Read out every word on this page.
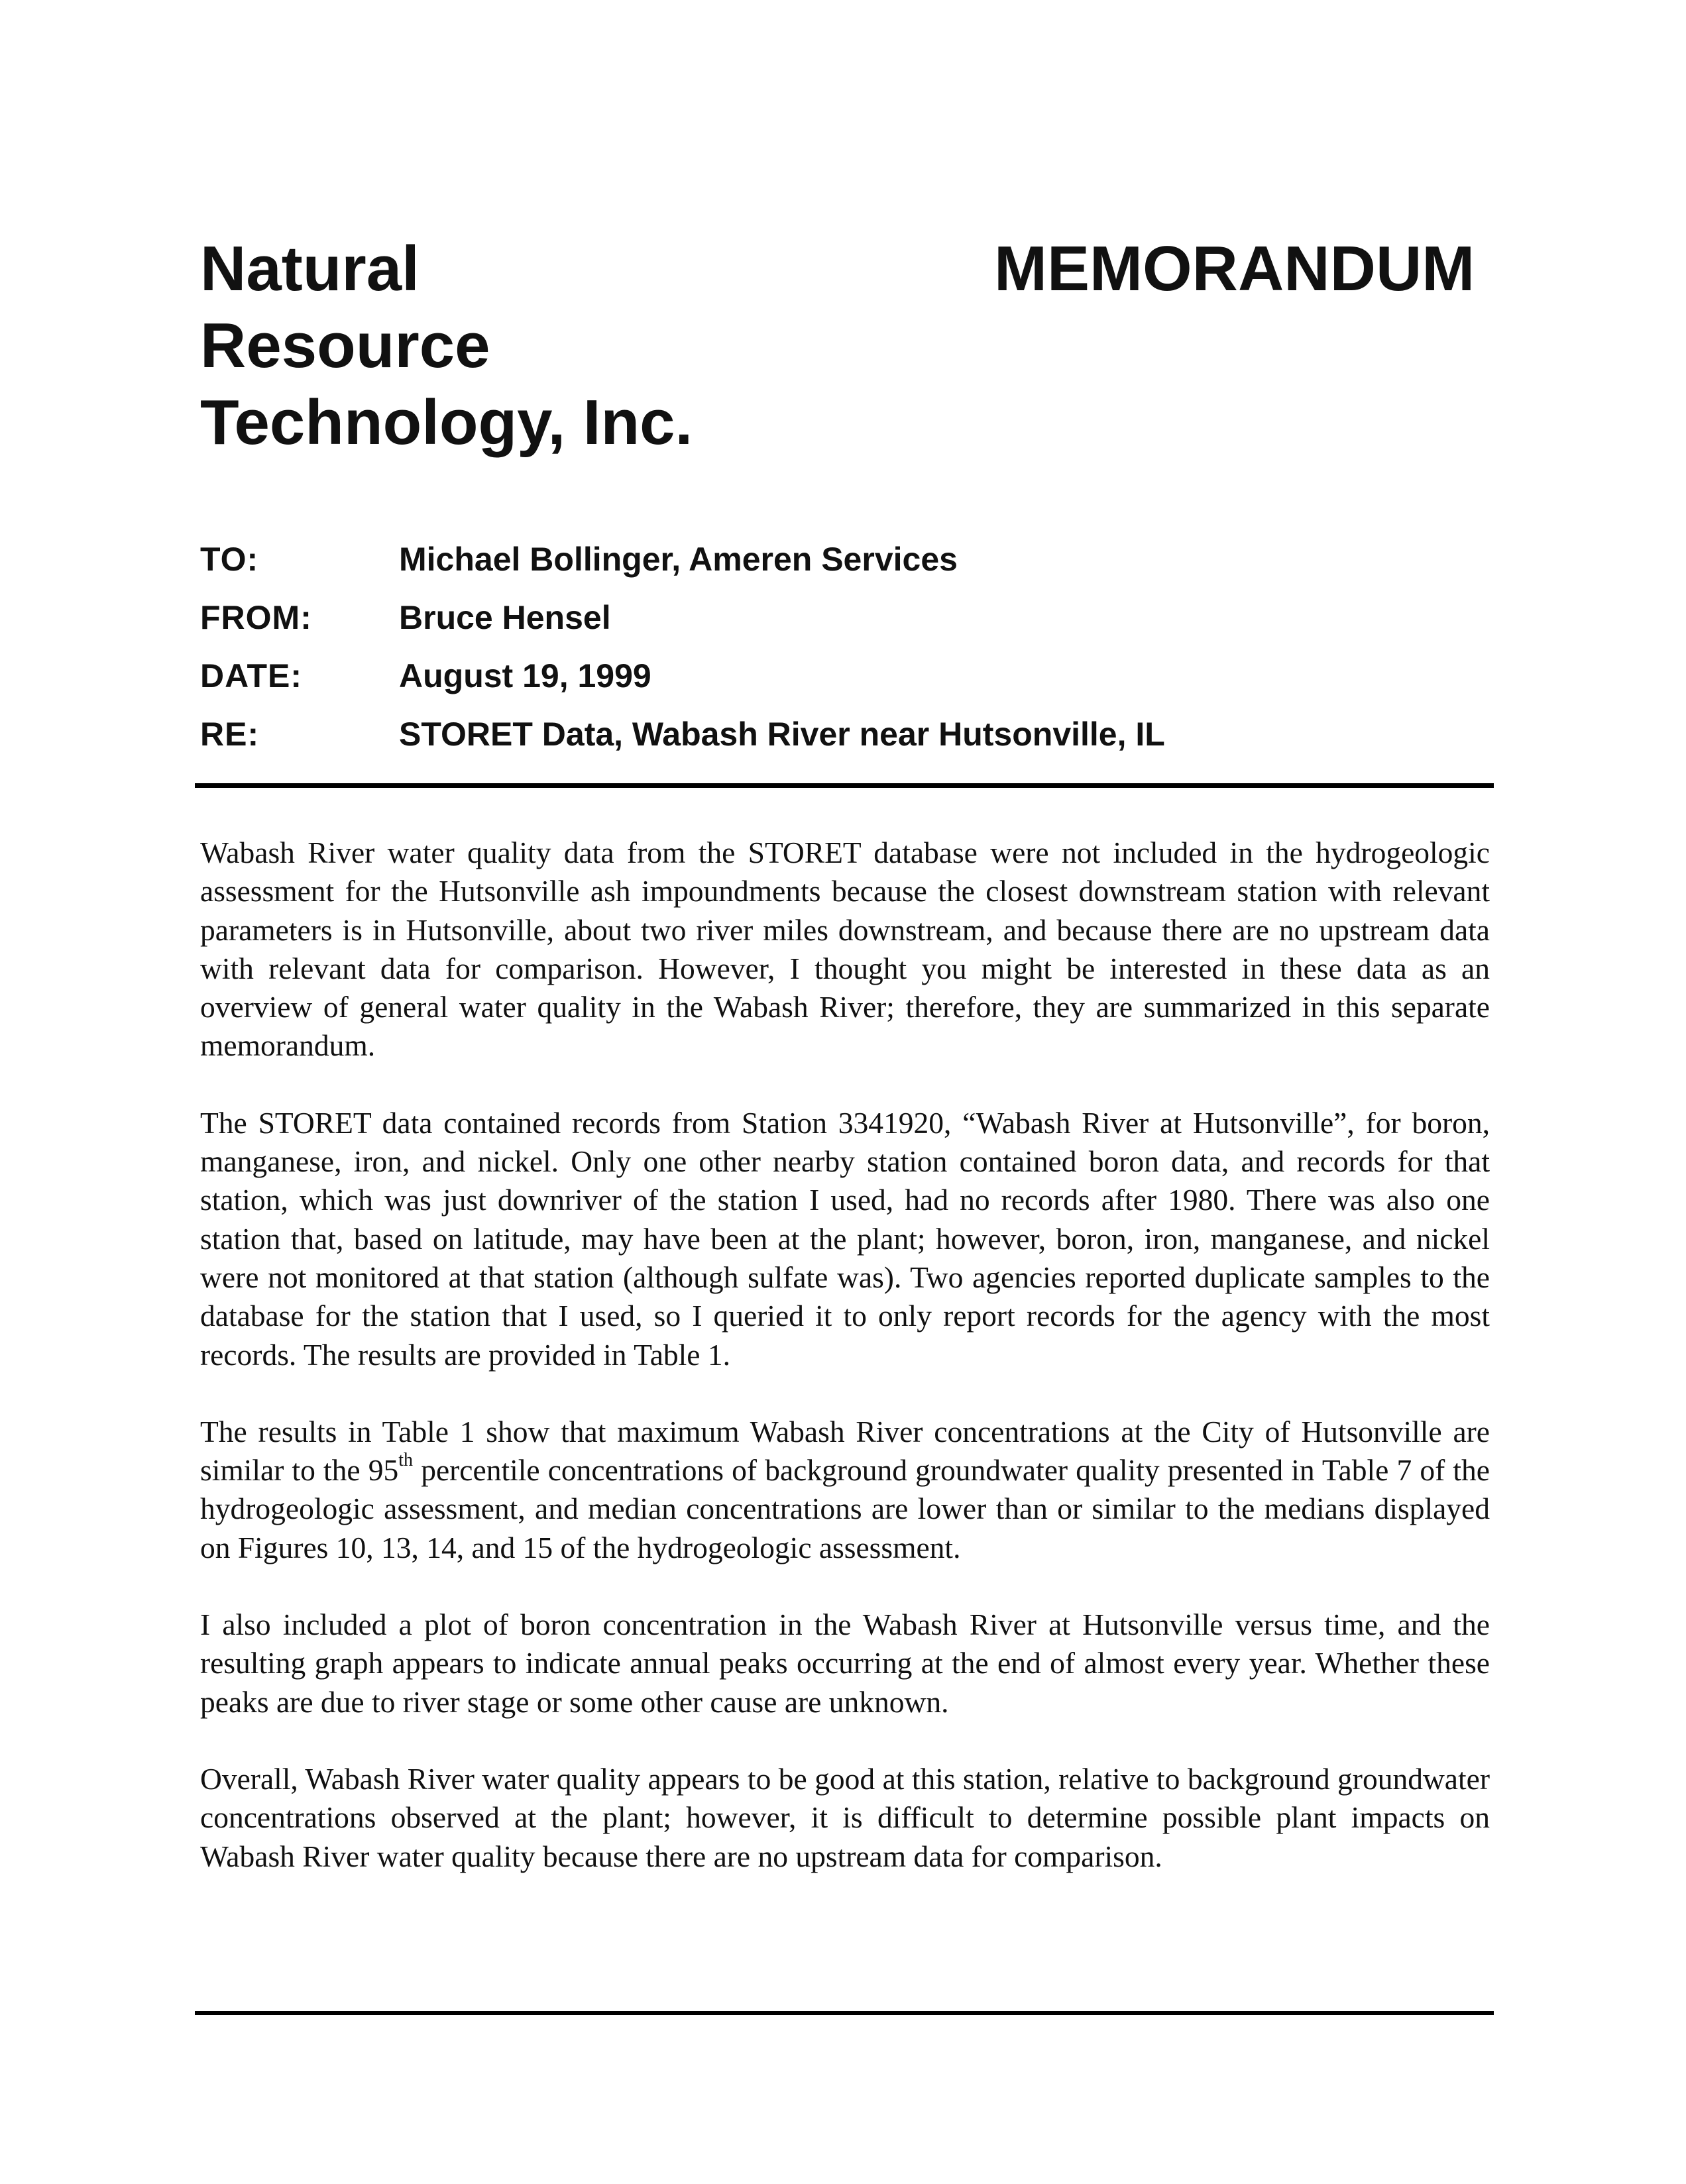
Natural
Resource
Technology, Inc.
MEMORANDUM
TO:	Michael Bollinger, Ameren Services
FROM:	Bruce Hensel
DATE:	August 19, 1999
RE:	STORET Data, Wabash River near Hutsonville, IL

Wabash River water quality data from the STORET database were not included in the hydrogeologic assessment for the Hutsonville ash impoundments because the closest downstream station with relevant parameters is in Hutsonville, about two river miles downstream, and because there are no upstream data with relevant data for comparison. However, I thought you might be interested in these data as an overview of general water quality in the Wabash River; therefore, they are summarized in this separate memorandum.

The STORET data contained records from Station 3341920, “Wabash River at Hutsonville”, for boron, manganese, iron, and nickel. Only one other nearby station contained boron data, and records for that station, which was just downriver of the station I used, had no records after 1980. There was also one station that, based on latitude, may have been at the plant; however, boron, iron, manganese, and nickel were not monitored at that station (although sulfate was). Two agencies reported duplicate samples to the database for the station that I used, so I queried it to only report records for the agency with the most records. The results are provided in Table 1.

The results in Table 1 show that maximum Wabash River concentrations at the City of Hutsonville are similar to the 95th percentile concentrations of background groundwater quality presented in Table 7 of the hydrogeologic assessment, and median concentrations are lower than or similar to the medians displayed on Figures 10, 13, 14, and 15 of the hydrogeologic assessment.

I also included a plot of boron concentration in the Wabash River at Hutsonville versus time, and the resulting graph appears to indicate annual peaks occurring at the end of almost every year. Whether these peaks are due to river stage or some other cause are unknown.

Overall, Wabash River water quality appears to be good at this station, relative to background groundwater concentrations observed at the plant; however, it is difficult to determine possible plant impacts on Wabash River water quality because there are no upstream data for comparison.
